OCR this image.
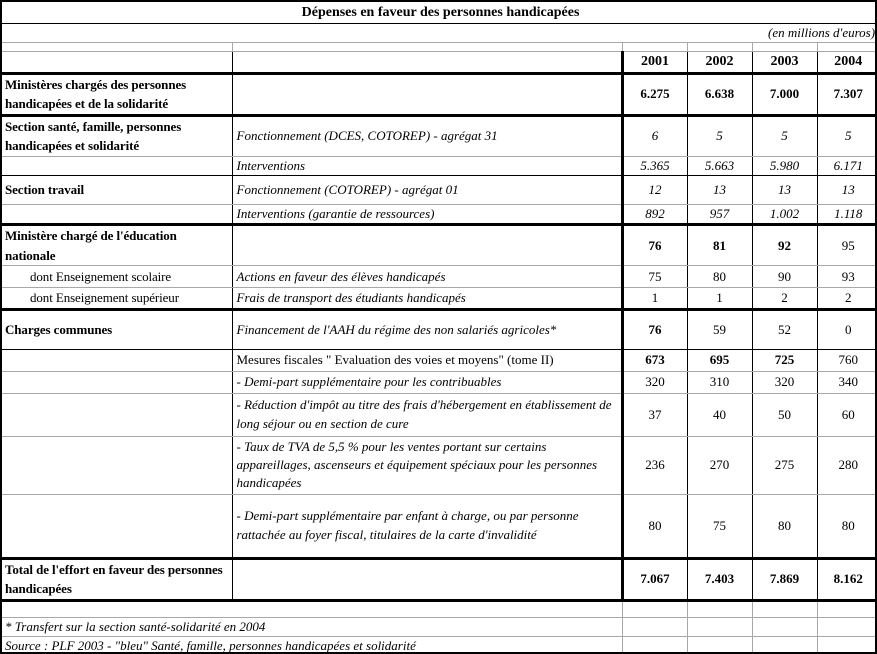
Dépenses en faveur des personnes handicapées					
(en millions d'euros)					

		2001	2002	2003	2004
Ministères chargés des personnes handicapées et de la solidarité		6.275	6.638	7.000	7.307
Section santé, famille, personnes handicapées et solidarité	Fonctionnement (DCES, COTOREP) - agrégat 31	6	5	5	5
	Interventions	5.365	5.663	5.980	6.171
Section travail	Fonctionnement (COTOREP) - agrégat 01	12	13	13	13
	Interventions (garantie de ressources)	892	957	1.002	1.118
Ministère chargé de l'éducation nationale		76	81	92	95
dont Enseignement scolaire	Actions en faveur des élèves handicapés	75	80	90	93
dont Enseignement supérieur	Frais de transport des étudiants handicapés	1	1	2	2
Charges communes	Financement de l'AAH du régime des non salariés agricoles*	76	59	52	0
	Mesures fiscales " Evaluation des voies et moyens" (tome II)	673	695	725	760
	- Demi-part supplémentaire pour les contribuables	320	310	320	340
	- Réduction d'impôt au titre des frais d'hébergement en établissement de long séjour ou en section de cure	37	40	50	60
	- Taux de TVA de 5,5 % pour les ventes portant sur certains appareillages, ascenseurs et équipement spéciaux pour les personnes handicapées	236	270	275	280
	- Demi-part supplémentaire par enfant à charge, ou par personne rattachée au foyer fiscal, titulaires de la carte d'invalidité	80	75	80	80
Total de l'effort en faveur des personnes handicapées		7.067	7.403	7.869	8.162

* Transfert sur la section santé-solidarité en 2004					
Source : PLF 2003 - "bleu" Santé, famille, personnes handicapées et solidarité					
